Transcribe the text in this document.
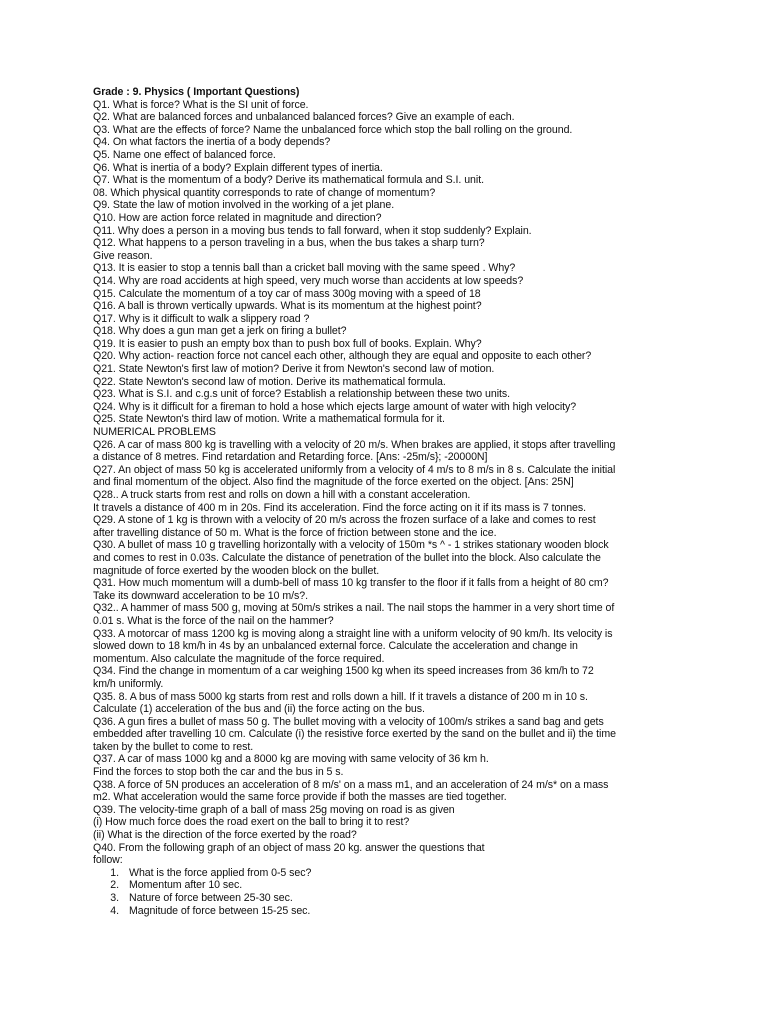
Grade : 9. Physics ( Important Questions)
Q1. What is force? What is the SI unit of force.
Q2. What are balanced forces and unbalanced balanced forces? Give an example of each.
Q3. What are the effects of force? Name the unbalanced force which stop the ball rolling on the ground.
Q4. On what factors the inertia of a body depends?
Q5. Name one effect of balanced force.
Q6. What is inertia of a body? Explain different types of inertia.
Q7. What is the momentum of a body? Derive its mathematical formula and S.I. unit.
08. Which physical quantity corresponds to rate of change of momentum?
Q9. State the law of motion involved in the working of a jet plane.
Q10. How are action force related in magnitude and direction?
Q11. Why does a person in a moving bus tends to fall forward, when it stop suddenly? Explain.
Q12. What happens to a person traveling in a bus, when the bus takes a sharp turn?
Give reason.
Q13. It is easier to stop a tennis ball than a cricket ball moving with the same speed . Why?
Q14. Why are road accidents at high speed, very much worse than accidents at low speeds?
Q15. Calculate the momentum of a toy car of mass 300g moving with a speed of 18
Q16. A ball is thrown vertically upwards. What is its momentum at the highest point?
Q17. Why is it difficult to walk a slippery road ?
Q18. Why does a gun man get a jerk on firing a bullet?
Q19. It is easier to push an empty box than to push box full of books. Explain. Why?
Q20. Why action- reaction force not cancel each other, although they are equal and opposite to each other?
Q21. State Newton's first law of motion? Derive it from Newton's second law of motion.
Q22. State Newton's second law of motion. Derive its mathematical formula.
Q23. What is S.I. and c.g.s unit of force? Establish a relationship between these two units.
Q24. Why is it difficult for a fireman to hold a hose which ejects large amount of water with high velocity?
Q25. State Newton's third law of motion. Write a mathematical formula for it.
NUMERICAL PROBLEMS
Q26. A car of mass 800 kg is travelling with a velocity of 20 m/s. When brakes are applied, it stops after travelling
a distance of 8 metres. Find retardation and Retarding force. [Ans: -25m/s}; -20000N]
Q27. An object of mass 50 kg is accelerated uniformly from a velocity of 4 m/s to 8 m/s in 8 s. Calculate the initial
and final momentum of the object. Also find the magnitude of the force exerted on the object. [Ans: 25N]
Q28.. A truck starts from rest and rolls on down a hill with a constant acceleration.
It travels a distance of 400 m in 20s. Find its acceleration. Find the force acting on it if its mass is 7 tonnes.
Q29. A stone of 1 kg is thrown with a velocity of 20 m/s across the frozen surface of a lake and comes to rest
after travelling distance of 50 m. What is the force of friction between stone and the ice.
Q30. A bullet of mass 10 g travelling horizontally with a velocity of 150m *s ^ - 1 strikes stationary wooden block
and comes to rest in 0.03s. Calculate the distance of penetration of the bullet into the block. Also calculate the
magnitude of force exerted by the wooden block on the bullet.
Q31. How much momentum will a dumb-bell of mass 10 kg transfer to the floor if it falls from a height of 80 cm?
Take its downward acceleration to be 10 m/s?.
Q32.. A hammer of mass 500 g, moving at 50m/s strikes a nail. The nail stops the hammer in a very short time of
0.01 s. What is the force of the nail on the hammer?
Q33. A motorcar of mass 1200 kg is moving along a straight line with a uniform velocity of 90 km/h. Its velocity is
slowed down to 18 km/h in 4s by an unbalanced external force. Calculate the acceleration and change in
momentum. Also calculate the magnitude of the force required.
Q34. Find the change in momentum of a car weighing 1500 kg when its speed increases from 36 km/h to 72
km/h uniformly.
Q35. 8. A bus of mass 5000 kg starts from rest and rolls down a hill. If it travels a distance of 200 m in 10 s.
Calculate (1) acceleration of the bus and (ii) the force acting on the bus.
Q36. A gun fires a bullet of mass 50 g. The bullet moving with a velocity of 100m/s strikes a sand bag and gets
embedded after travelling 10 cm. Calculate (i) the resistive force exerted by the sand on the bullet and ii) the time
taken by the bullet to come to rest.
Q37. A car of mass 1000 kg and a 8000 kg are moving with same velocity of 36 km h.
Find the forces to stop both the car and the bus in 5 s.
Q38. A force of 5N produces an acceleration of 8 m/s' on a mass m1, and an acceleration of 24 m/s* on a mass
m2. What acceleration would the same force provide if both the masses are tied together.
Q39. The velocity-time graph of a ball of mass 25g moving on road is as given
(i) How much force does the road exert on the ball to bring it to rest?
(ii) What is the direction of the force exerted by the road?
Q40. From the following graph of an object of mass 20 kg. answer the questions that
follow:
1. What is the force applied from 0-5 sec?
2. Momentum after 10 sec.
3. Nature of force between 25-30 sec.
4. Magnitude of force between 15-25 sec.
